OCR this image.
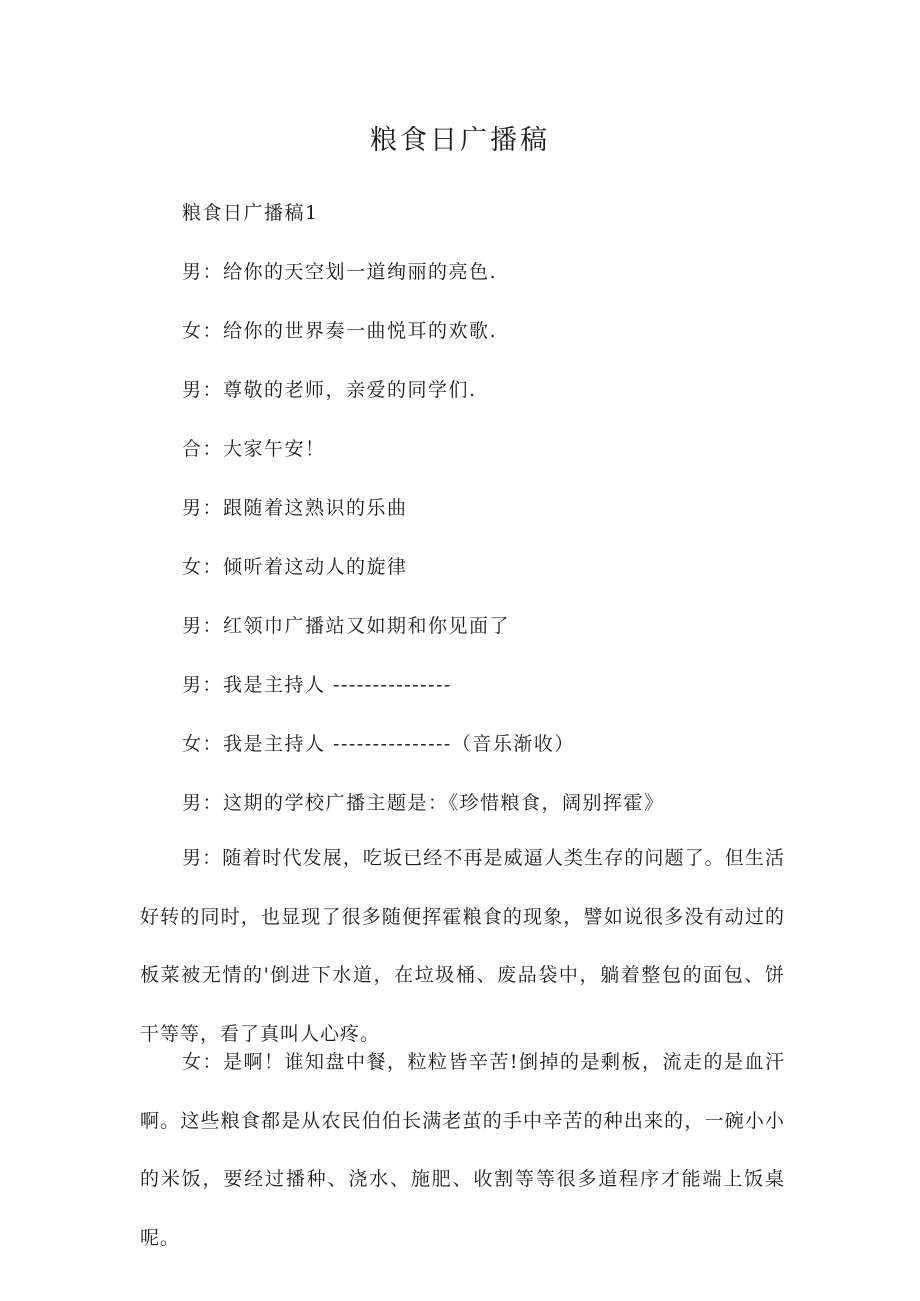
粮食日广播稿
粮食日广播稿1
男：给你的天空划一道绚丽的亮色.
女：给你的世界奏一曲悦耳的欢歌.
男：尊敬的老师，亲爱的同学们.
合：大家午安！
男：跟随着这熟识的乐曲
女：倾听着这动人的旋律
男：红领巾广播站又如期和你见面了
男：我是主持人 ---------------
女：我是主持人 ---------------（音乐渐收）
男：这期的学校广播主题是：《珍惜粮食，阔别挥霍》

男：随着时代发展，吃坂已经不再是威逼人类生存的问题了。但生活好转的同时，也显现了很多随便挥霍粮食的现象，譬如说很多没有动过的板菜被无情的'倒进下水道，在垃圾桶、废品袋中，躺着整包的面包、饼干等等，看了真叫人心疼。

女：是啊！谁知盘中餐，粒粒皆辛苦!倒掉的是剩板，流走的是血汗啊。这些粮食都是从农民伯伯长满老茧的手中辛苦的种出来的，一碗小小的米饭，要经过播种、浇水、施肥、收割等等很多道程序才能端上饭桌呢。
